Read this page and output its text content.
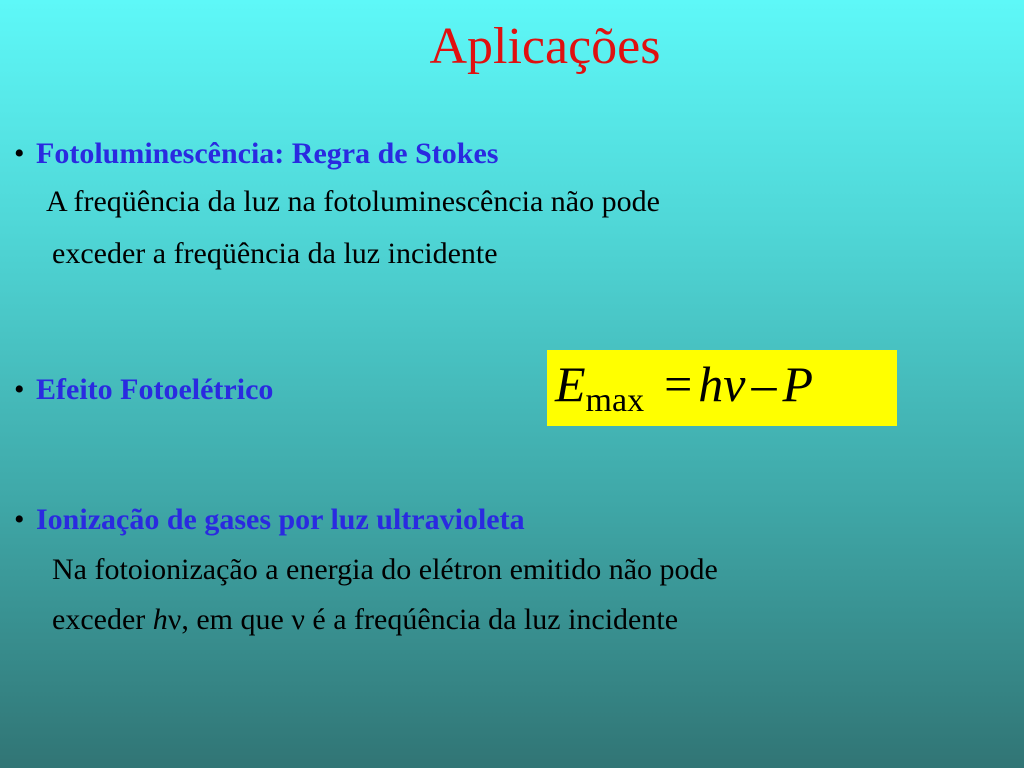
Aplicações
• Fotoluminescência: Regra de Stokes
A freqüência da luz na fotoluminescência não pode
exceder a freqüência da luz incidente
• Efeito Fotoelétrico	$E_{max} = h\nu - P$
• Ionização de gases por luz ultravioleta
Na fotoionização a energia do elétron emitido não pode
exceder hν, em que ν é a freqúência da luz incidente
